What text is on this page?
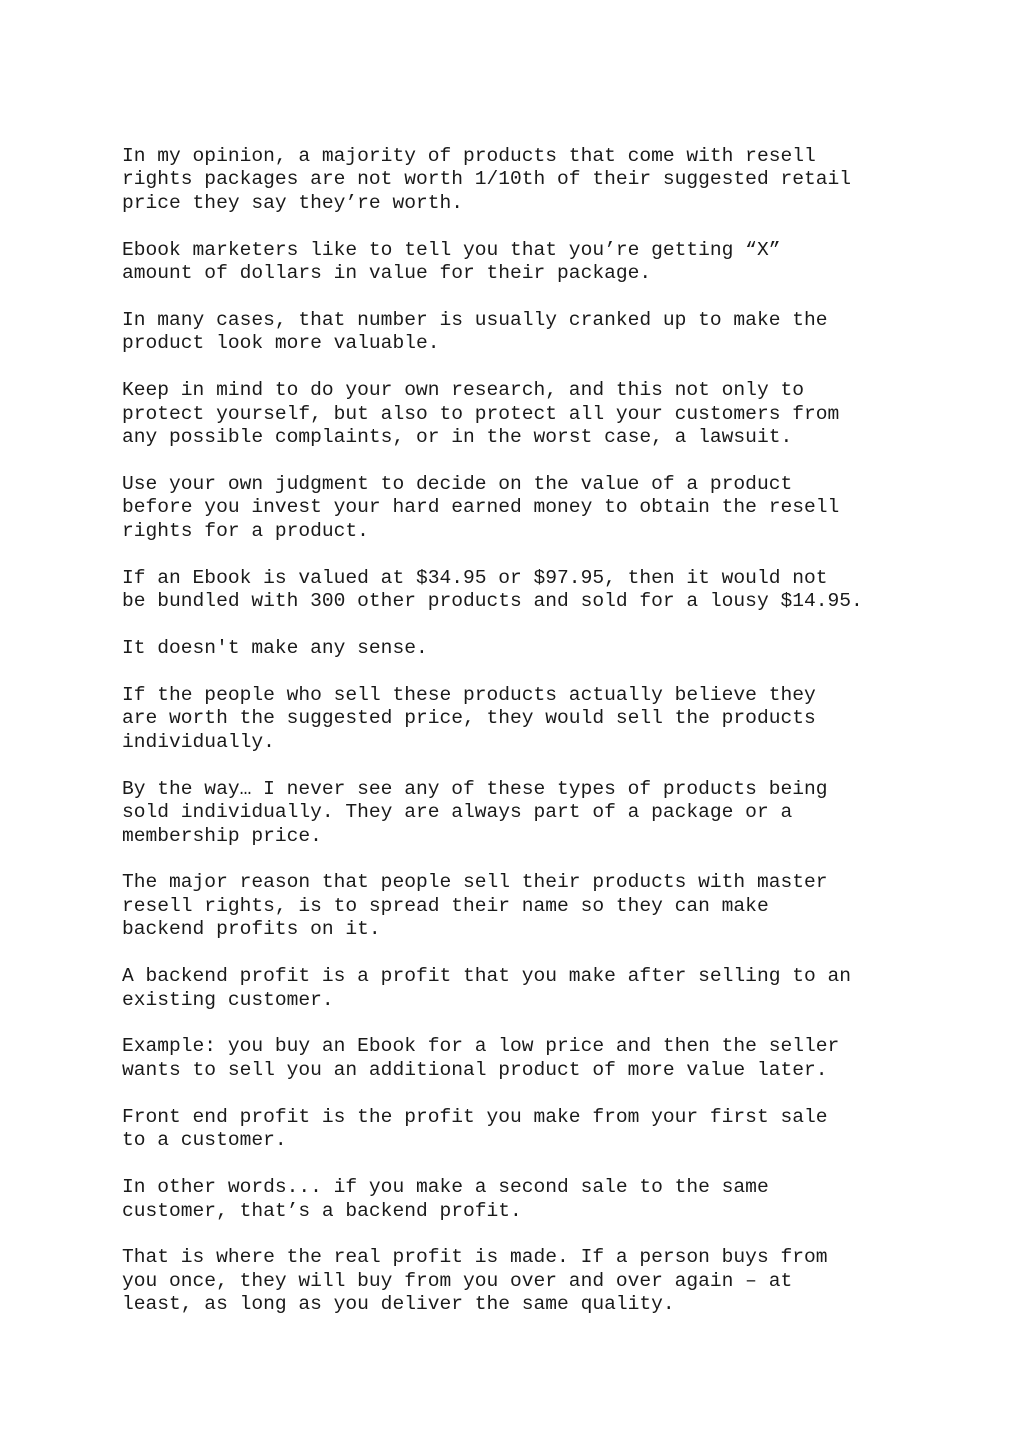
In my opinion, a majority of products that come with resell
rights packages are not worth 1/10th of their suggested retail
price they say they’re worth.

Ebook marketers like to tell you that you’re getting “X”
amount of dollars in value for their package.

In many cases, that number is usually cranked up to make the
product look more valuable.

Keep in mind to do your own research, and this not only to
protect yourself, but also to protect all your customers from
any possible complaints, or in the worst case, a lawsuit.

Use your own judgment to decide on the value of a product
before you invest your hard earned money to obtain the resell
rights for a product.

If an Ebook is valued at $34.95 or $97.95, then it would not
be bundled with 300 other products and sold for a lousy $14.95.

It doesn't make any sense.

If the people who sell these products actually believe they
are worth the suggested price, they would sell the products
individually.

By the way… I never see any of these types of products being
sold individually. They are always part of a package or a
membership price.

The major reason that people sell their products with master
resell rights, is to spread their name so they can make
backend profits on it.

A backend profit is a profit that you make after selling to an
existing customer.

Example: you buy an Ebook for a low price and then the seller
wants to sell you an additional product of more value later.

Front end profit is the profit you make from your first sale
to a customer.

In other words... if you make a second sale to the same
customer, that’s a backend profit.

That is where the real profit is made. If a person buys from
you once, they will buy from you over and over again – at
least, as long as you deliver the same quality.
